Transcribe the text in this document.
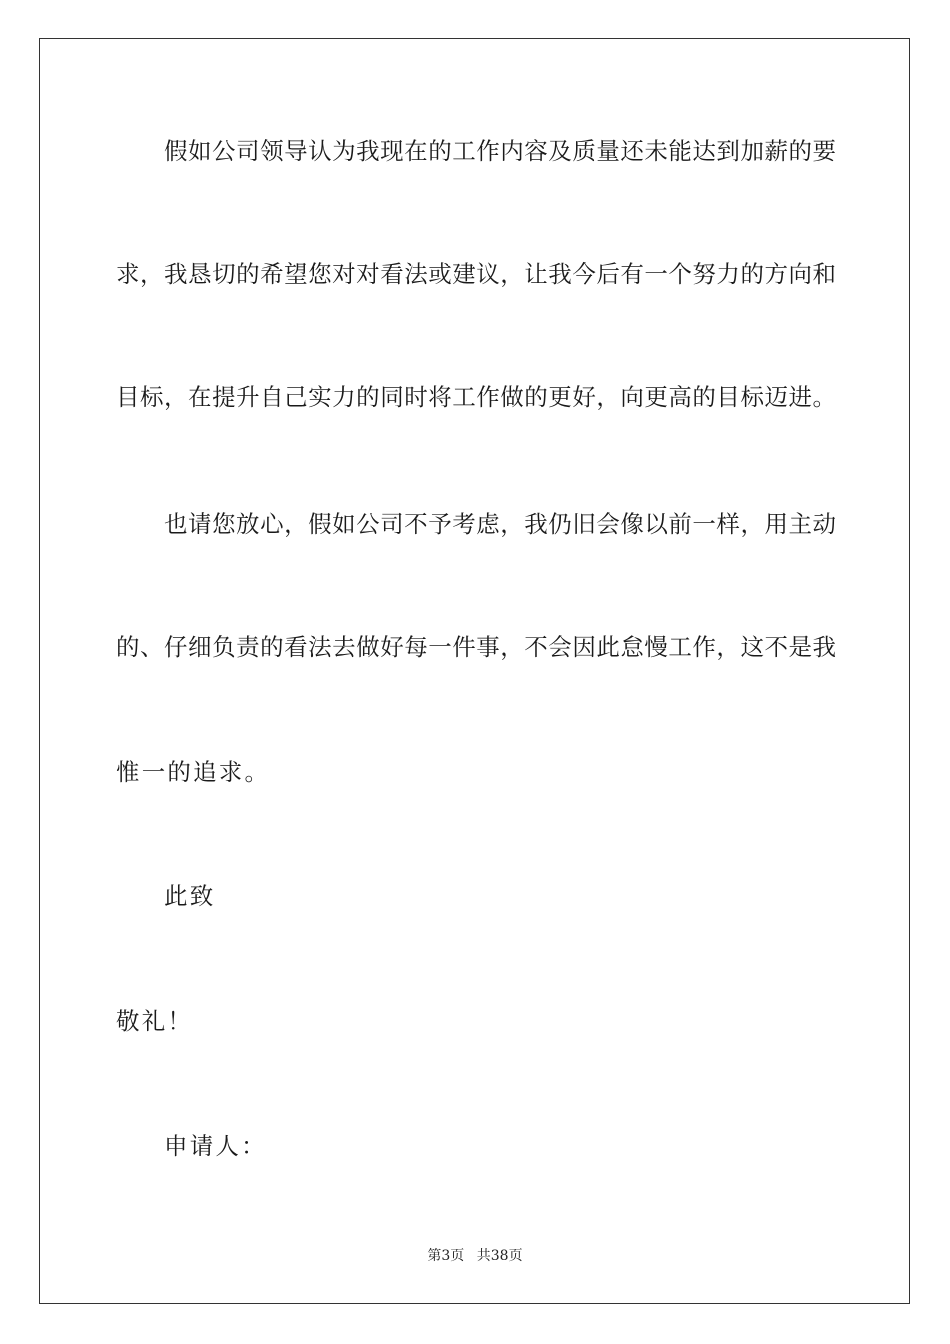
假如公司领导认为我现在的工作内容及质量还未能达到加薪的要
求，我恳切的希望您对对看法或建议，让我今后有一个努力的方向和
目标，在提升自己实力的同时将工作做的更好，向更高的目标迈进。
也请您放心，假如公司不予考虑，我仍旧会像以前一样，用主动
的、仔细负责的看法去做好每一件事，不会因此怠慢工作，这不是我
惟一的追求。
此致
敬礼！
申请人：
第3页 共38页
